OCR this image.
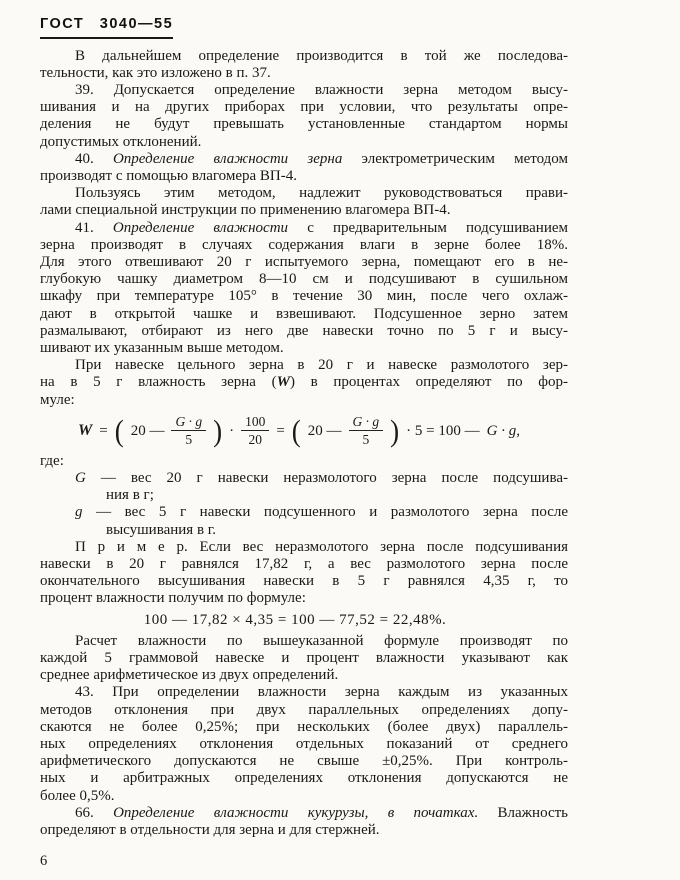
ГОСТ 3040—55
В дальнейшем определение производится в той же последова-
тельности, как это изложено в п. 37.
39. Допускается определение влажности зерна методом высу-
шивания и на других приборах при условии, что результаты опре-
деления не будут превышать установленные стандартом нормы
допустимых отклонений.
40. Определение влажности зерна электрометрическим методом
производят с помощью влагомера ВП-4.
Пользуясь этим методом, надлежит руководствоваться прави-
лами специальной инструкции по применению влагомера ВП-4.
41. Определение влажности с предварительным подсушиванием
зерна производят в случаях содержания влаги в зерне более 18%.
Для этого отвешивают 20 г испытуемого зерна, помещают его в не-
глубокую чашку диаметром 8—10 см и подсушивают в сушильном
шкафу при температуре 105° в течение 30 мин, после чего охлаж-
дают в открытой чашке и взвешивают. Подсушенное зерно затем
размалывают, отбирают из него две навески точно по 5 г и высу-
шивают их указанным выше методом.
При навеске цельного зерна в 20 г и навеске размолотого зер-
на в 5 г влажность зерна (W) в процентах определяют по фор-
муле:
W = ( 20 — $\frac{G \cdot g}{5}$ ) · $\frac{100}{20}$ = ( 20 — $\frac{G \cdot g}{5}$ ) · 5 = 100 — G · g,
где:
G — вес 20 г навески неразмолотого зерна после подсушива-
ния в г;
g — вес 5 г навески подсушенного и размолотого зерна после
высушивания в г.
П р и м е р. Если вес неразмолотого зерна после подсушивания
навески в 20 г равнялся 17,82 г, а вес размолотого зерна после
окончательного высушивания навески в 5 г равнялся 4,35 г, то
процент влажности получим по формуле:
100 — 17,82 × 4,35 = 100 — 77,52 = 22,48%.
Расчет влажности по вышеуказанной формуле производят по
каждой 5 граммовой навеске и процент влажности указывают как
среднее арифметическое из двух определений.
43. При определении влажности зерна каждым из указанных
методов отклонения при двух параллельных определениях допу-
скаются не более 0,25%; при нескольких (более двух) параллель-
ных определениях отклонения отдельных показаний от среднего
арифметического допускаются не свыше ±0,25%. При контроль-
ных и арбитражных определениях отклонения допускаются не
более 0,5%.
66. Определение влажности кукурузы, в початках. Влажность
определяют в отдельности для зерна и для стержней.
6
